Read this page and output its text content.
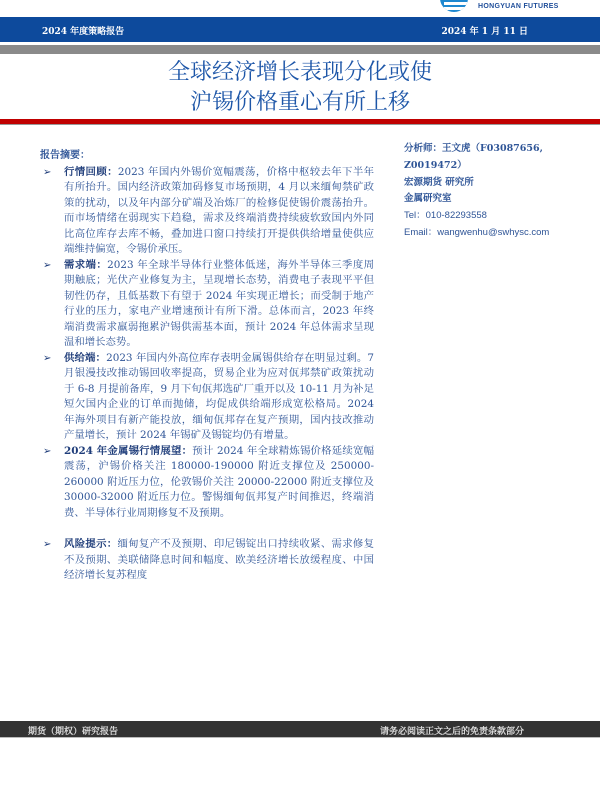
HONGYUAN FUTURES
2024 年度策略报告	2024 年 1 月 11 日
全球经济增长表现分化或使
沪锡价格重心有所上移
报告摘要：
➢ 行情回顾：2023 年国内外锡价宽幅震荡，价格中枢较去年下半年有所抬升。国内经济政策加码修复市场预期，4 月以来缅甸禁矿政策的扰动，以及年内部分矿端及冶炼厂的检修促使锡价震荡抬升。而市场情绪在弱现实下趋稳，需求及终端消费持续疲软致国内外同比高位库存去库不畅，叠加进口窗口持续打开提供供给增量使供应端维持偏宽，令锡价承压。
➢ 需求端：2023 年全球半导体行业整体低迷，海外半导体三季度周期触底；光伏产业修复为主，呈现增长态势，消费电子表现平平但韧性仍存，且低基数下有望于 2024 年实现正增长；而受制于地产行业的压力，家电产业增速预计有所下滑。总体而言，2023 年终端消费需求羸弱拖累沪锡供需基本面，预计 2024 年总体需求呈现温和增长态势。
➢ 供给端：2023 年国内外高位库存表明金属锡供给存在明显过剩。7 月银漫技改推动锡回收率提高，贸易企业为应对佤邦禁矿政策扰动于 6-8 月提前备库，9 月下旬佤邦选矿厂重开以及 10-11 月为补足短欠国内企业的订单而抛储，均促成供给端形成宽松格局。2024 年海外项目有新产能投放，缅甸佤邦存在复产预期，国内技改推动产量增长，预计 2024 年锡矿及锡锭均仍有增量。
➢ 2024 年金属锡行情展望：预计 2024 年全球精炼锡价格延续宽幅震荡，沪锡价格关注 180000-190000 附近支撑位及 250000-260000 附近压力位，伦敦锡价关注 20000-22000 附近支撑位及 30000-32000 附近压力位。警惕缅甸佤邦复产时间推迟，终端消费、半导体行业周期修复不及预期。
➢ 风险提示：缅甸复产不及预期、印尼锡锭出口持续收紧、需求修复不及预期、美联储降息时间和幅度、欧美经济增长放缓程度、中国经济增长复苏程度
分析师：王文虎（F03087656, Z0019472）
宏源期货 研究所
金属研究室
Tel：010-82293558
Email：wangwenhu@swhysc.com
期货（期权）研究报告	请务必阅读正文之后的免责条款部分
